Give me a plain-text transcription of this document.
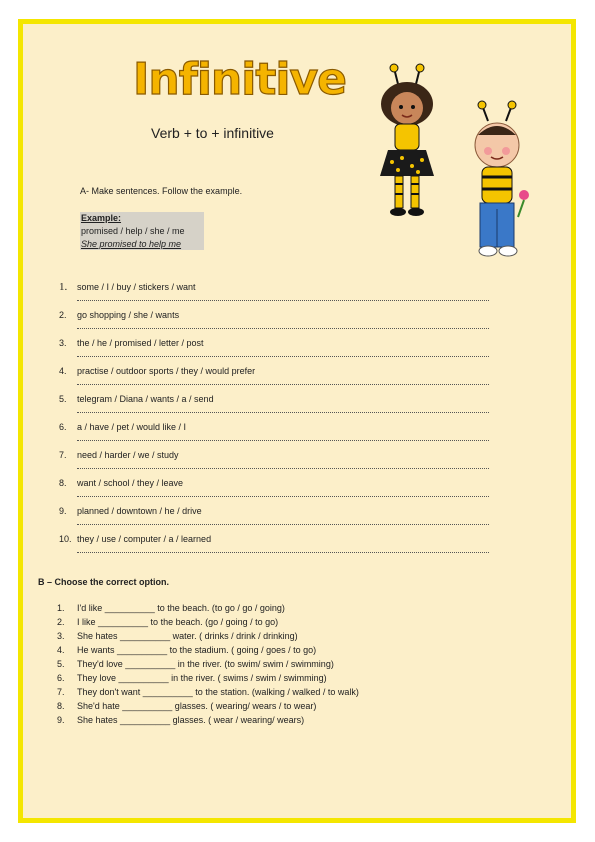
Infinitive
Verb + to + infinitive
A- Make sentences. Follow the example.
Example:
promised / help / she / me
She promised to help me
1. some / I / buy / stickers / want
2. go shopping / she / wants
3. the / he / promised / letter / post
4. practise / outdoor sports / they / would prefer
5. telegram / Diana / wants / a / send
6. a / have / pet / would like / I
7. need / harder / we / study
8. want / school / they / leave
9. planned / downtown / he / drive
10. they / use / computer / a / learned
B – Choose the correct option.
1. I'd like __________ to the beach. (to go / go / going)
2. I like __________ to the beach. (go / going / to go)
3. She hates __________ water. ( drinks / drink / drinking)
4. He wants __________ to the stadium. ( going / goes / to go)
5. They'd love __________ in the river. (to swim/ swim / swimming)
6. They love __________ in the river. ( swims / swim / swimming)
7. They don't want __________ to the station. (walking / walked / to walk)
8. She'd hate __________ glasses. ( wearing/ wears / to wear)
9. She hates __________ glasses. ( wear / wearing/ wears)
